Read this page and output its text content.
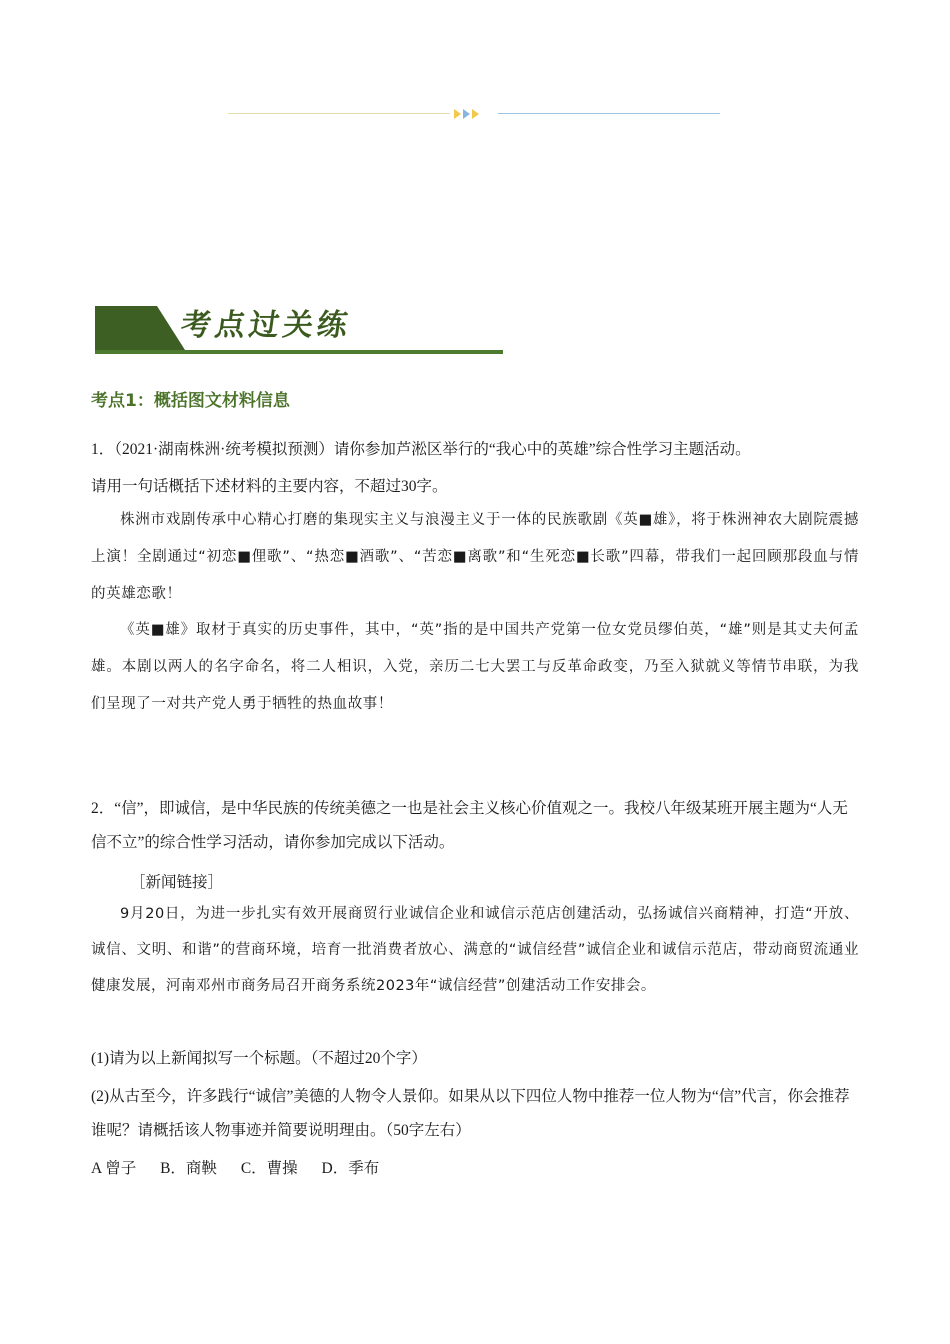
考点过关练
考点1：概括图文材料信息
1．（2021·湖南株洲·统考模拟预测）请你参加芦淞区举行的“我心中的英雄”综合性学习主题活动。
请用一句话概括下述材料的主要内容，不超过30字。
株洲市戏剧传承中心精心打磨的集现实主义与浪漫主义于一体的民族歌剧《英■雄》，将于株洲神农大剧院震撼上演！全剧通过“初恋■俚歌”、“热恋■酒歌”、“苦恋■离歌”和“生死恋■长歌”四幕，带我们一起回顾那段血与情的英雄恋歌！
《英■雄》取材于真实的历史事件，其中，“英”指的是中国共产党第一位女党员缪伯英，“雄”则是其丈夫何孟雄。本剧以两人的名字命名，将二人相识，入党，亲历二七大罢工与反革命政变，乃至入狱就义等情节串联，为我们呈现了一对共产党人勇于牺牲的热血故事！
2．“信”，即诚信，是中华民族的传统美德之一也是社会主义核心价值观之一。我校八年级某班开展主题为“人无信不立”的综合性学习活动，请你参加完成以下活动。
［新闻链接］
9月20日，为进一步扎实有效开展商贸行业诚信企业和诚信示范店创建活动，弘扬诚信兴商精神，打造“开放、诚信、文明、和谐”的营商环境，培育一批消费者放心、满意的“诚信经营”诚信企业和诚信示范店，带动商贸流通业健康发展，河南邓州市商务局召开商务系统2023年“诚信经营”创建活动工作安排会。
(1)请为以上新闻拟写一个标题。（不超过20个字）
(2)从古至今，许多践行“诚信”美德的人物令人景仰。如果从以下四位人物中推荐一位人物为“信”代言，你会推荐谁呢？请概括该人物事迹并简要说明理由。（50字左右）
A 曾子 B．商鞅 C．曹操 D．季布
